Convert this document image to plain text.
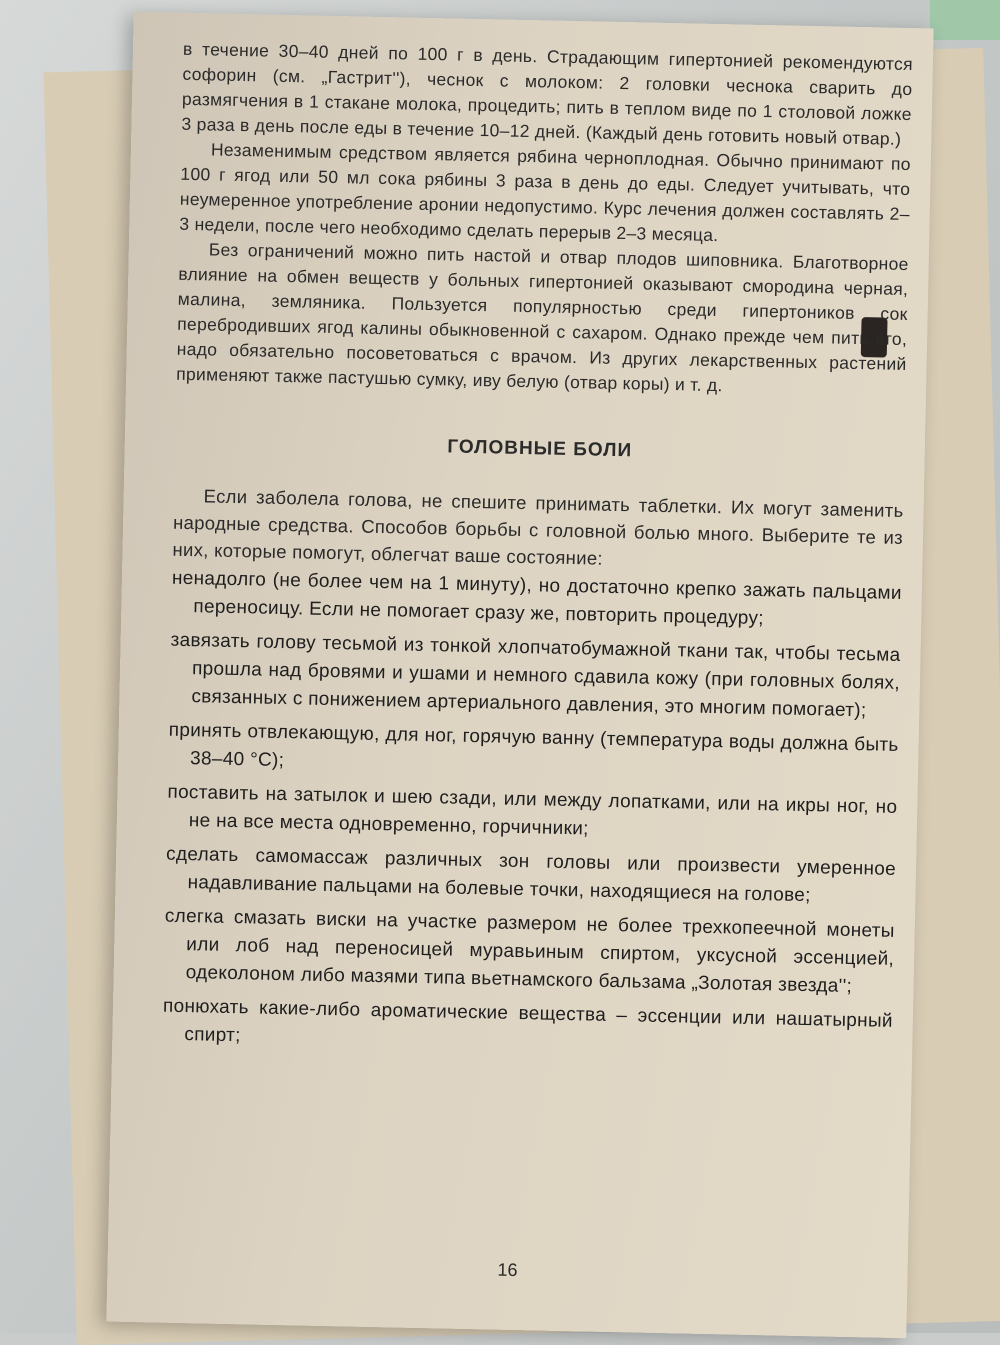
в течение 30–40 дней по 100 г в день. Страдающим гипертонией рекомендуются софорин (см. „Гастрит''), чеснок с молоком: 2 головки чеснока сварить до размягчения в 1 стакане молока, процедить; пить в теплом виде по 1 столовой ложке 3 раза в день после еды в течение 10–12 дней. (Каждый день готовить новый отвар.)

Незаменимым средством является рябина черноплодная. Обычно принимают по 100 г ягод или 50 мл сока рябины 3 раза в день до еды. Следует учитывать, что неумеренное употребление аронии недопустимо. Курс лечения должен составлять 2–3 недели, после чего необходимо сделать перерыв 2–3 месяца.

Без ограничений можно пить настой и отвар плодов шиповника. Благотворное влияние на обмен веществ у больных гипертонией оказывают смородина черная, малина, земляника. Пользуется популярностью среди гипертоников сок перебродивших ягод калины обыкновенной с сахаром. Однако прежде чем пить его, надо обязательно посоветоваться с врачом. Из других лекарственных растений применяют также пастушью сумку, иву белую (отвар коры) и т. д.

ГОЛОВНЫЕ БОЛИ

Если заболела голова, не спешите принимать таблетки. Их могут заменить народные средства. Способов борьбы с головной болью много. Выберите те из них, которые помогут, облегчат ваше состояние:

ненадолго (не более чем на 1 минуту), но достаточно крепко зажать пальцами переносицу. Если не помогает сразу же, повторить процедуру;

завязать голову тесьмой из тонкой хлопчатобумажной ткани так, чтобы тесьма прошла над бровями и ушами и немного сдавила кожу (при головных болях, связанных с понижением артериального давления, это многим помогает);

принять отвлекающую, для ног, горячую ванну (температура воды должна быть 38–40 °С);

поставить на затылок и шею сзади, или между лопатками, или на икры ног, но не на все места одновременно, горчичники;

сделать самомассаж различных зон головы или произвести умеренное надавливание пальцами на болевые точки, находящиеся на голове;

слегка смазать виски на участке размером не более трехкопеечной монеты или лоб над переносицей муравьиным спиртом, уксусной эссенцией, одеколоном либо мазями типа вьетнамского бальзама „Золотая звезда'';

понюхать какие-либо ароматические вещества – эссенции или нашатырный спирт;

16
